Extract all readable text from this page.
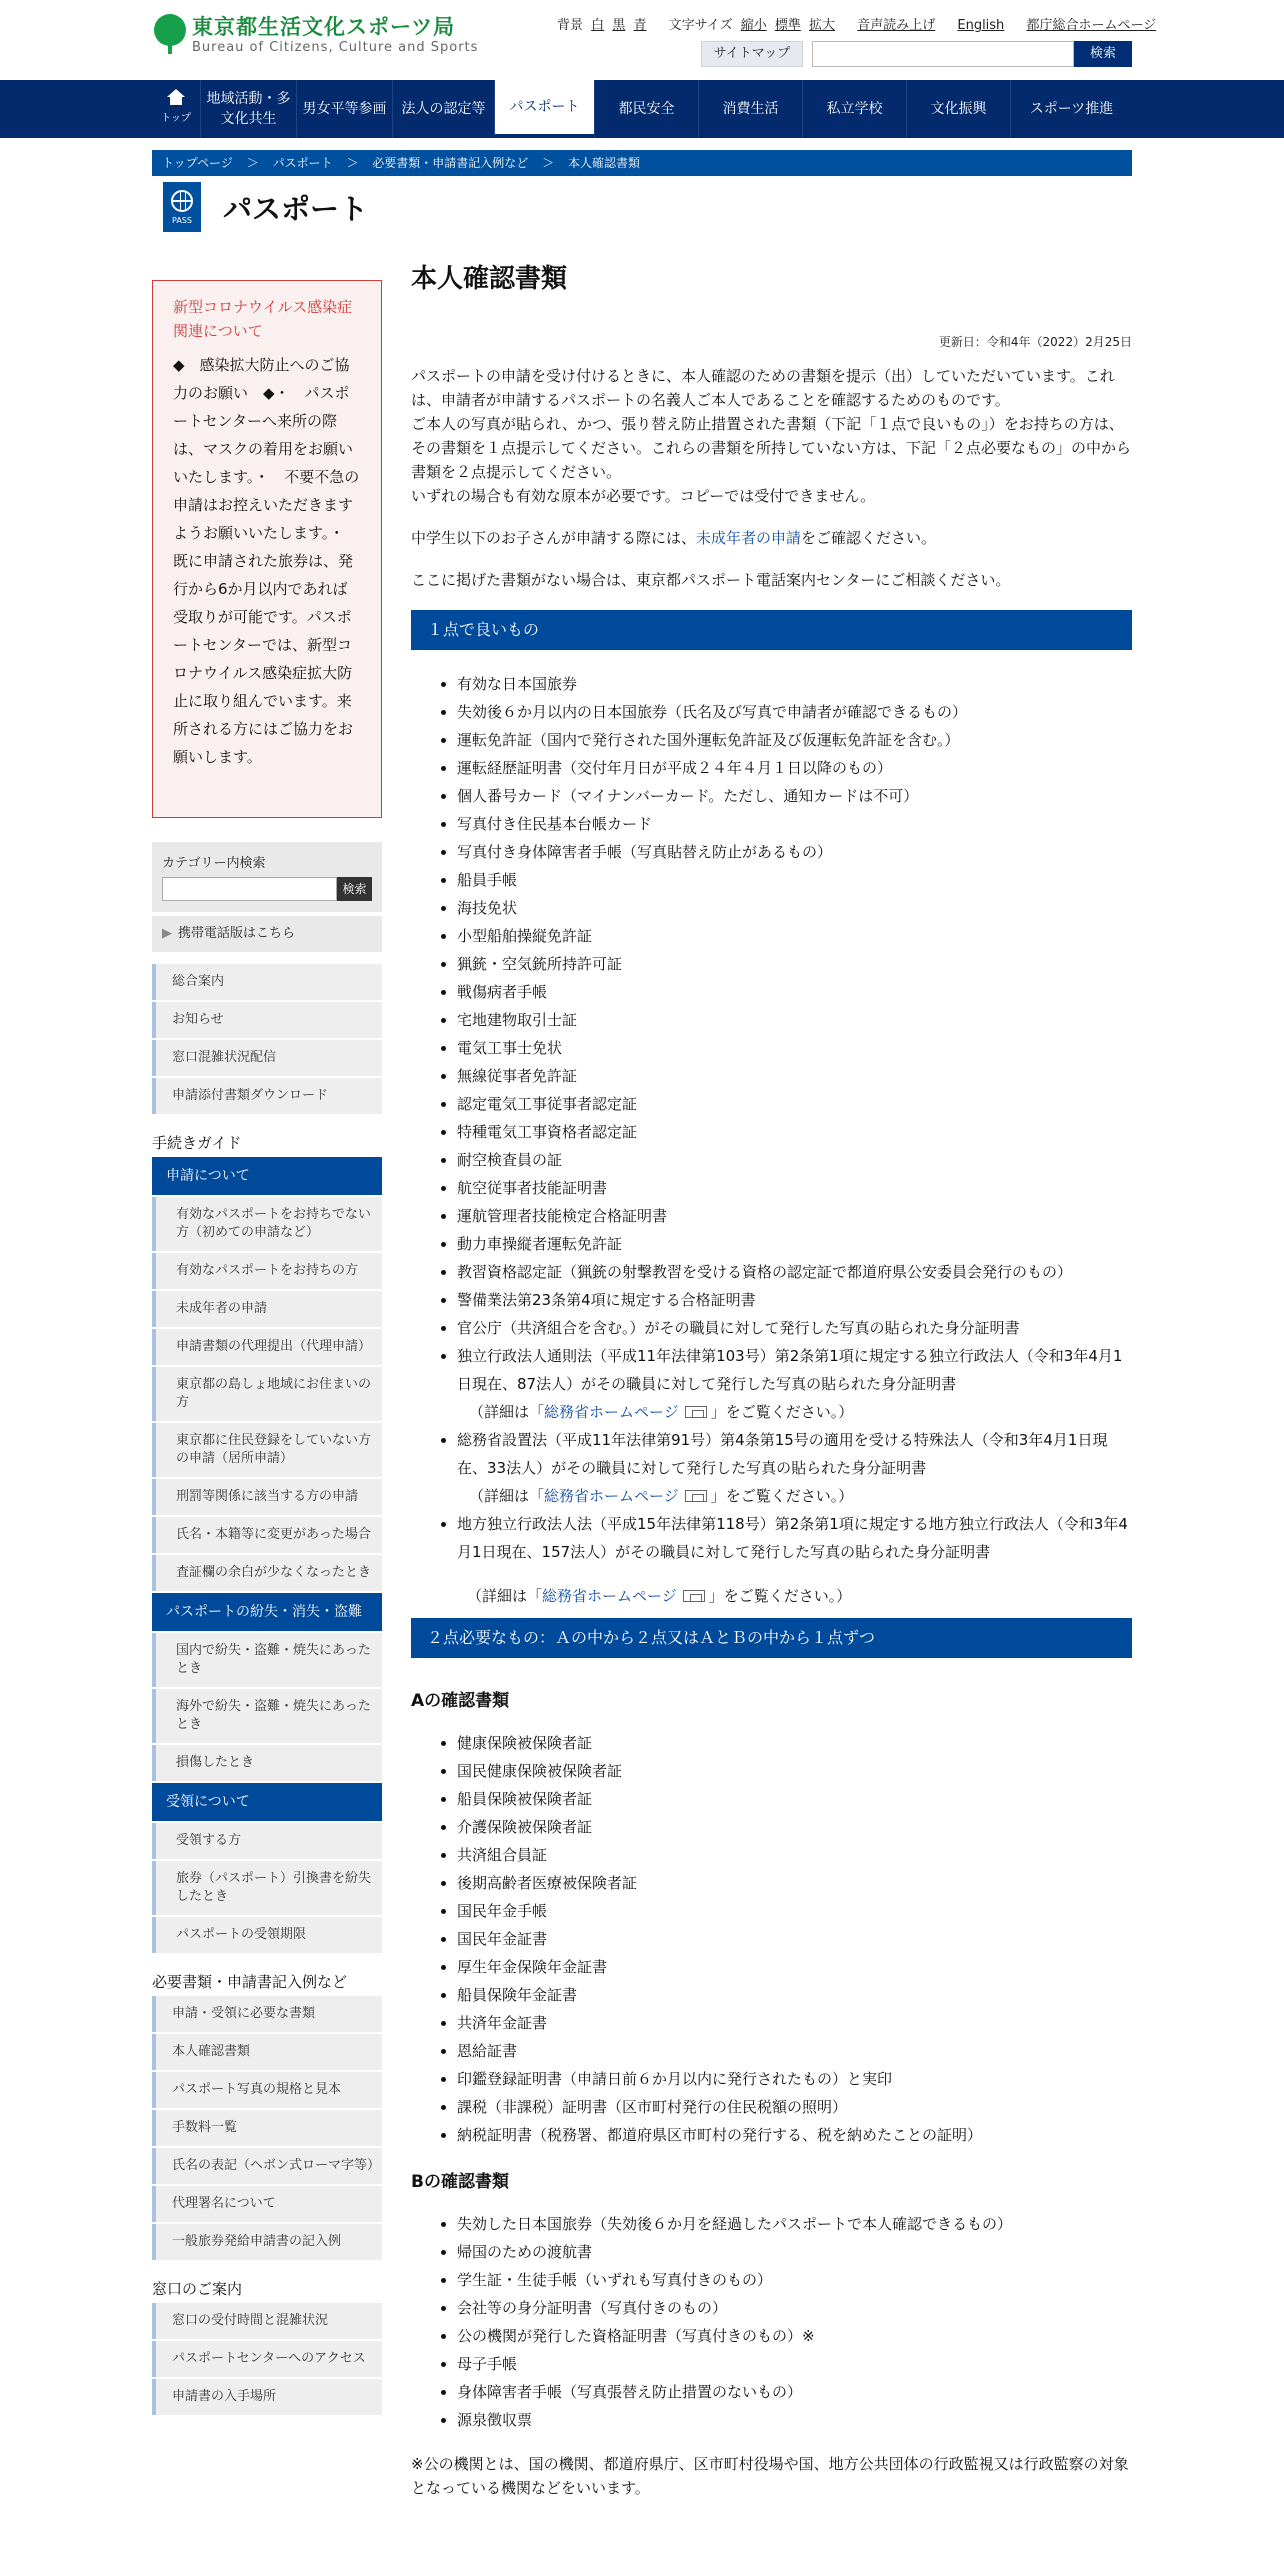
東京都生活文化スポーツ局
Bureau of Citizens, Culture and Sports
背景 白 黒 青 文字サイズ 縮小 標準 拡大 音声読み上げ English 都庁総合ホームページ
サイトマップ	検索
トップ
地域活動・多
文化共生
男女平等参画	法人の認定等	パスポート	都民安全	消費生活	私立学校	文化振興	スポーツ推進
トップページ ＞ パスポート ＞ 必要書類・申請書記入例など ＞ 本人確認書類
PASS パスポート
新型コロナウイルス感染症関連について
◆　感染拡大防止へのご協力のお願い　◆・　パスポートセンターへ来所の際は、マスクの着用をお願いいたします。・　不要不急の申請はお控えいただきますようお願いいたします。・　既に申請された旅券は、発行から6か月以内であれば受取りが可能です。パスポートセンターでは、新型コロナウイルス感染症拡大防止に取り組んでいます。来所される方にはご協力をお願いします。
カテゴリー内検索
検索
▶ 携帯電話版はこちら
総合案内
お知らせ
窓口混雑状況配信
申請添付書類ダウンロード
手続きガイド
申請について
有効なパスポートをお持ちでない方（初めての申請など）
有効なパスポートをお持ちの方
未成年者の申請
申請書類の代理提出（代理申請）
東京都の島しょ地域にお住まいの方
東京都に住民登録をしていない方の申請（居所申請）
刑罰等関係に該当する方の申請
氏名・本籍等に変更があった場合
査証欄の余白が少なくなったとき
パスポートの紛失・消失・盗難
国内で紛失・盗難・焼失にあったとき
海外で紛失・盗難・焼失にあったとき
損傷したとき
受領について
受領する方
旅券（パスポート）引換書を紛失したとき
パスポートの受領期限
必要書類・申請書記入例など
申請・受領に必要な書類
本人確認書類
パスポート写真の規格と見本
手数料一覧
氏名の表記（ヘボン式ローマ字等）
代理署名について
一般旅券発給申請書の記入例
窓口のご案内
窓口の受付時間と混雑状況
パスポートセンターへのアクセス
申請書の入手場所
本人確認書類
更新日：令和4年（2022）2月25日
パスポートの申請を受け付けるときに、本人確認のための書類を提示（出）していただいています。これは、申請者が申請するパスポートの名義人ご本人であることを確認するためのものです。
ご本人の写真が貼られ、かつ、張り替え防止措置された書類（下記「１点で良いもの」）をお持ちの方は、その書類を１点提示してください。これらの書類を所持していない方は、下記「２点必要なもの」の中から書類を２点提示してください。
いずれの場合も有効な原本が必要です。コピーでは受付できません。
中学生以下のお子さんが申請する際には、未成年者の申請をご確認ください。
ここに掲げた書類がない場合は、東京都パスポート電話案内センターにご相談ください。
１点で良いもの
• 有効な日本国旅券
• 失効後６か月以内の日本国旅券（氏名及び写真で申請者が確認できるもの）
• 運転免許証（国内で発行された国外運転免許証及び仮運転免許証を含む。）
• 運転経歴証明書（交付年月日が平成２４年４月１日以降のもの）
• 個人番号カード（マイナンバーカード。ただし、通知カードは不可）
• 写真付き住民基本台帳カード
• 写真付き身体障害者手帳（写真貼替え防止があるもの）
• 船員手帳
• 海技免状
• 小型船舶操縦免許証
• 猟銃・空気銃所持許可証
• 戦傷病者手帳
• 宅地建物取引士証
• 電気工事士免状
• 無線従事者免許証
• 認定電気工事従事者認定証
• 特種電気工事資格者認定証
• 耐空検査員の証
• 航空従事者技能証明書
• 運航管理者技能検定合格証明書
• 動力車操縦者運転免許証
• 教習資格認定証（猟銃の射撃教習を受ける資格の認定証で都道府県公安委員会発行のもの）
• 警備業法第23条第4項に規定する合格証明書
• 官公庁（共済組合を含む。）がその職員に対して発行した写真の貼られた身分証明書
• 独立行政法人通則法（平成11年法律第103号）第2条第1項に規定する独立行政法人（令和3年4月1日現在、87法人）がその職員に対して発行した写真の貼られた身分証明書
（詳細は「総務省ホームページ 」をご覧ください。）
• 総務省設置法（平成11年法律第91号）第4条第15号の適用を受ける特殊法人（令和3年4月1日現在、33法人）がその職員に対して発行した写真の貼られた身分証明書
（詳細は「総務省ホームページ 」をご覧ください。）
• 地方独立行政法人法（平成15年法律第118号）第2条第1項に規定する地方独立行政法人（令和3年4月1日現在、157法人）がその職員に対して発行した写真の貼られた身分証明書
（詳細は「総務省ホームページ 」をご覧ください。）
２点必要なもの：Ａの中から２点又はＡとＢの中から１点ずつ
Aの確認書類
• 健康保険被保険者証
• 国民健康保険被保険者証
• 船員保険被保険者証
• 介護保険被保険者証
• 共済組合員証
• 後期高齢者医療被保険者証
• 国民年金手帳
• 国民年金証書
• 厚生年金保険年金証書
• 船員保険年金証書
• 共済年金証書
• 恩給証書
• 印鑑登録証明書（申請日前６か月以内に発行されたもの）と実印
• 課税（非課税）証明書（区市町村発行の住民税額の照明）
• 納税証明書（税務署、都道府県区市町村の発行する、税を納めたことの証明）
Bの確認書類
• 失効した日本国旅券（失効後６か月を経過したパスポートで本人確認できるもの）
• 帰国のための渡航書
• 学生証・生徒手帳（いずれも写真付きのもの）
• 会社等の身分証明書（写真付きのもの）
• 公の機関が発行した資格証明書（写真付きのもの）※
• 母子手帳
• 身体障害者手帳（写真張替え防止措置のないもの）
• 源泉徴収票
※公の機関とは、国の機関、都道府県庁、区市町村役場や国、地方公共団体の行政監視又は行政監察の対象となっている機関などをいいます。
